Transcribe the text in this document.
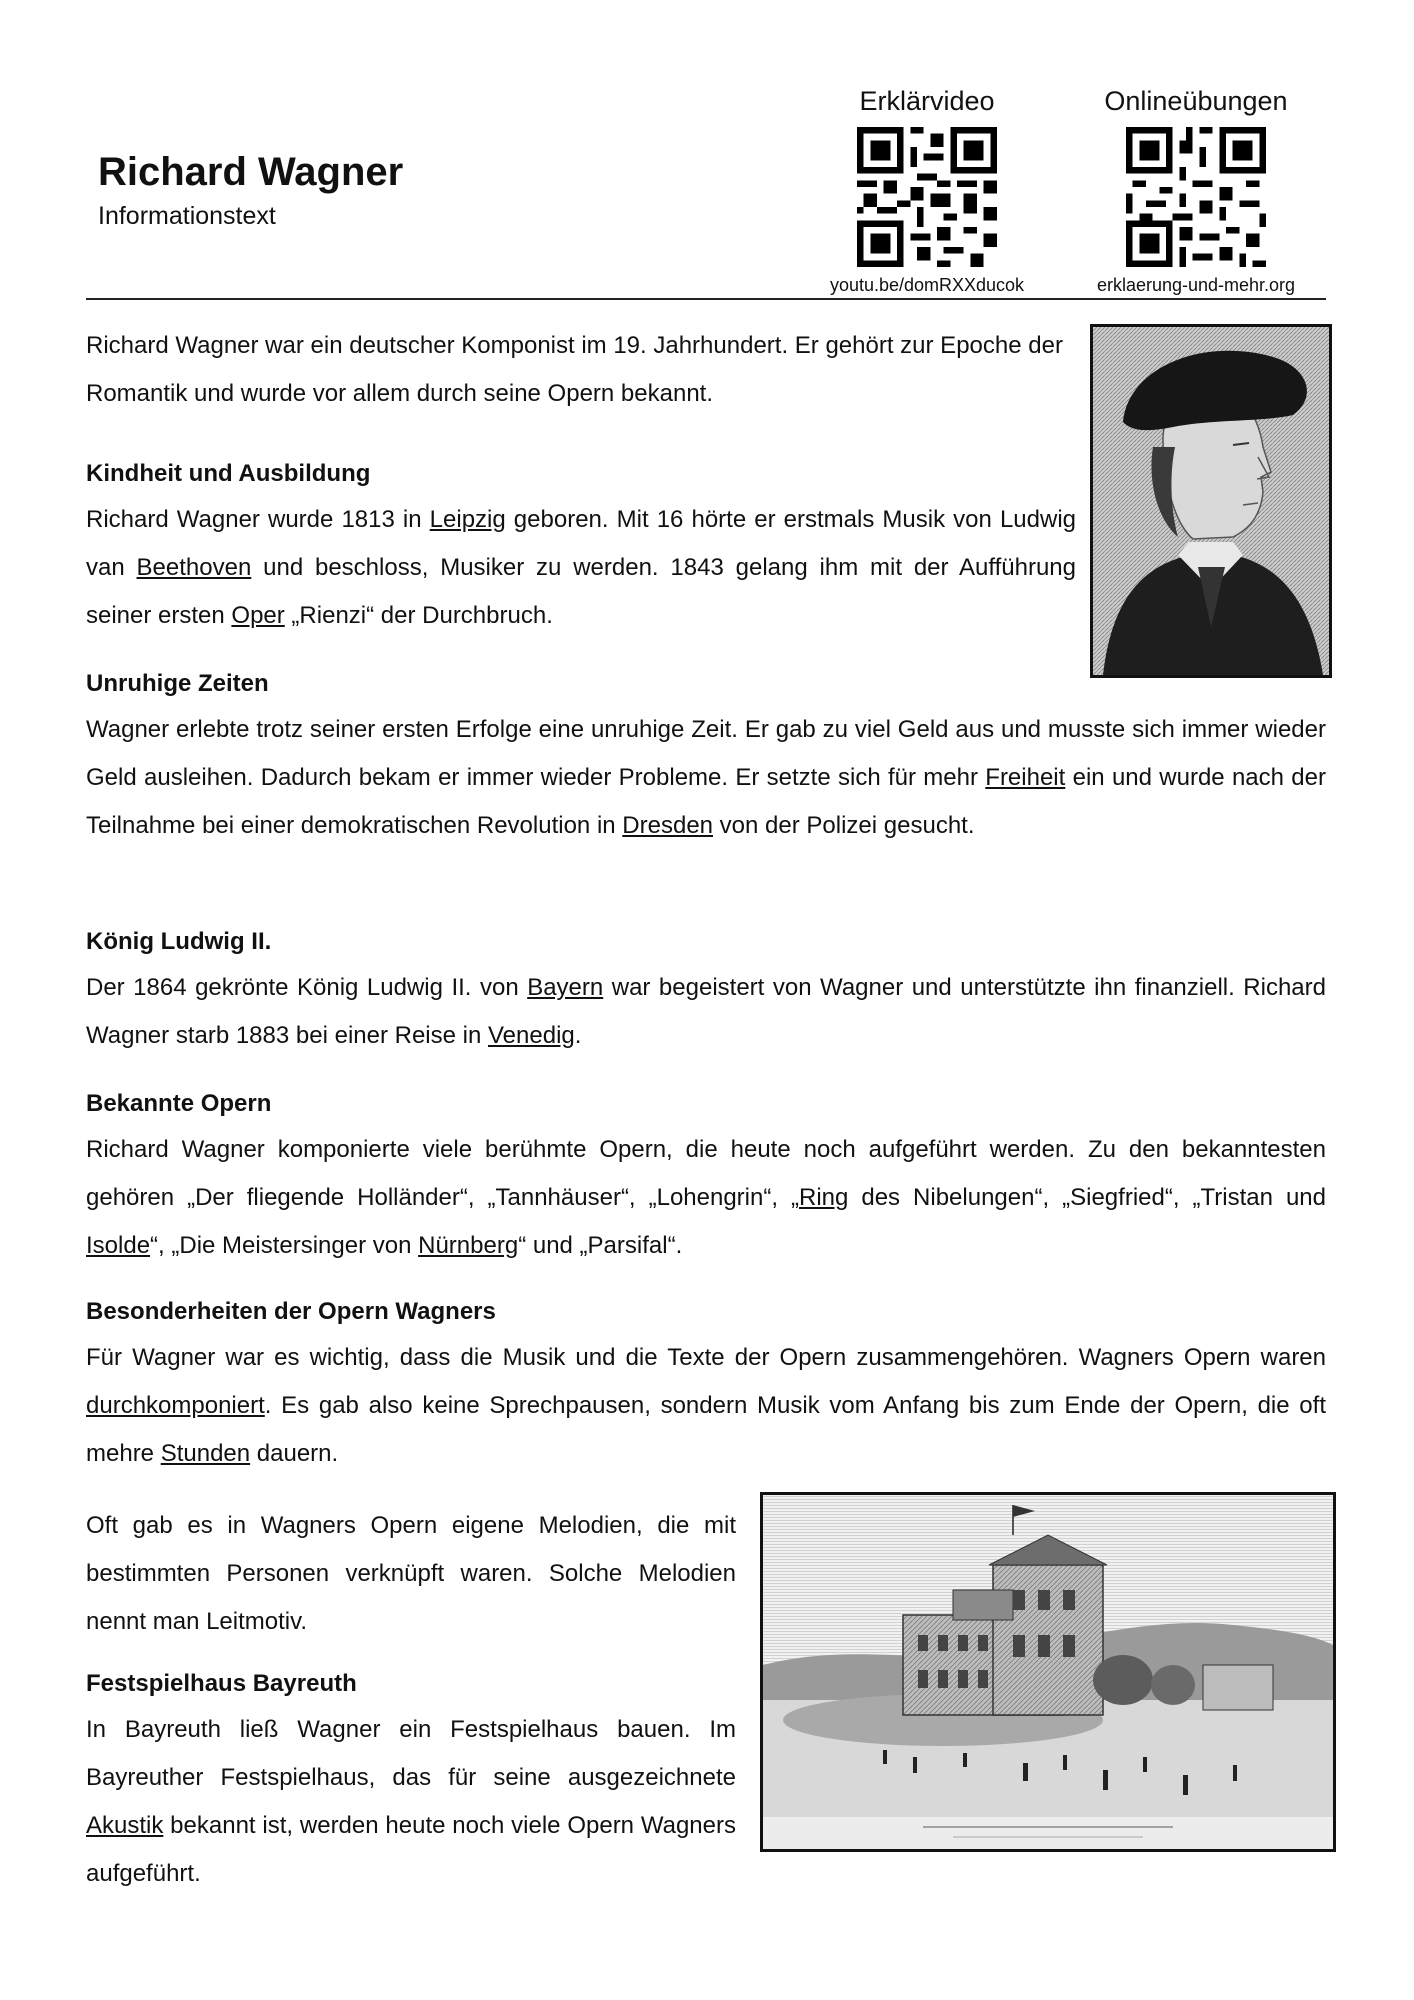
Richard Wagner
Informationstext
Erklärvideo
youtu.be/domRXXducok
Onlineübungen
erklaerung-und-mehr.org

Richard Wagner war ein deutscher Komponist im 19. Jahrhundert. Er gehört zur Epoche der Romantik und wurde vor allem durch seine Opern bekannt.

Kindheit und Ausbildung

Richard Wagner wurde 1813 in Leipzig geboren. Mit 16 hörte er erstmals Musik von Ludwig van Beethoven und beschloss, Musiker zu werden. 1843 gelang ihm mit der Aufführung seiner ersten Oper „Rienzi“ der Durchbruch.

Unruhige Zeiten

Wagner erlebte trotz seiner ersten Erfolge eine unruhige Zeit. Er gab zu viel Geld aus und musste sich immer wieder Geld ausleihen. Dadurch bekam er immer wieder Probleme. Er setzte sich für mehr Freiheit ein und wurde nach der Teilnahme bei einer demokratischen Revolution in Dresden von der Polizei gesucht.

König Ludwig II.

Der 1864 gekrönte König Ludwig II. von Bayern war begeistert von Wagner und unterstützte ihn finanziell. Richard Wagner starb 1883 bei einer Reise in Venedig.

Bekannte Opern

Richard Wagner komponierte viele berühmte Opern, die heute noch aufgeführt werden. Zu den bekanntesten gehören „Der fliegende Holländer“, „Tannhäuser“, „Lohengrin“, „Ring des Nibelungen“, „Siegfried“, „Tristan und Isolde“, „Die Meistersinger von Nürnberg“ und „Parsifal“.

Besonderheiten der Opern Wagners

Für Wagner war es wichtig, dass die Musik und die Texte der Opern zusammengehören. Wagners Opern waren durchkomponiert. Es gab also keine Sprechpausen, sondern Musik vom Anfang bis zum Ende der Opern, die oft mehre Stunden dauern.

Oft gab es in Wagners Opern eigene Melodien, die mit bestimmten Personen verknüpft waren. Solche Melodien nennt man Leitmotiv.

Festspielhaus Bayreuth

In Bayreuth ließ Wagner ein Festspielhaus bauen. Im Bayreuther Festspielhaus, das für seine ausgezeichnete Akustik bekannt ist, werden heute noch viele Opern Wagners aufgeführt.
